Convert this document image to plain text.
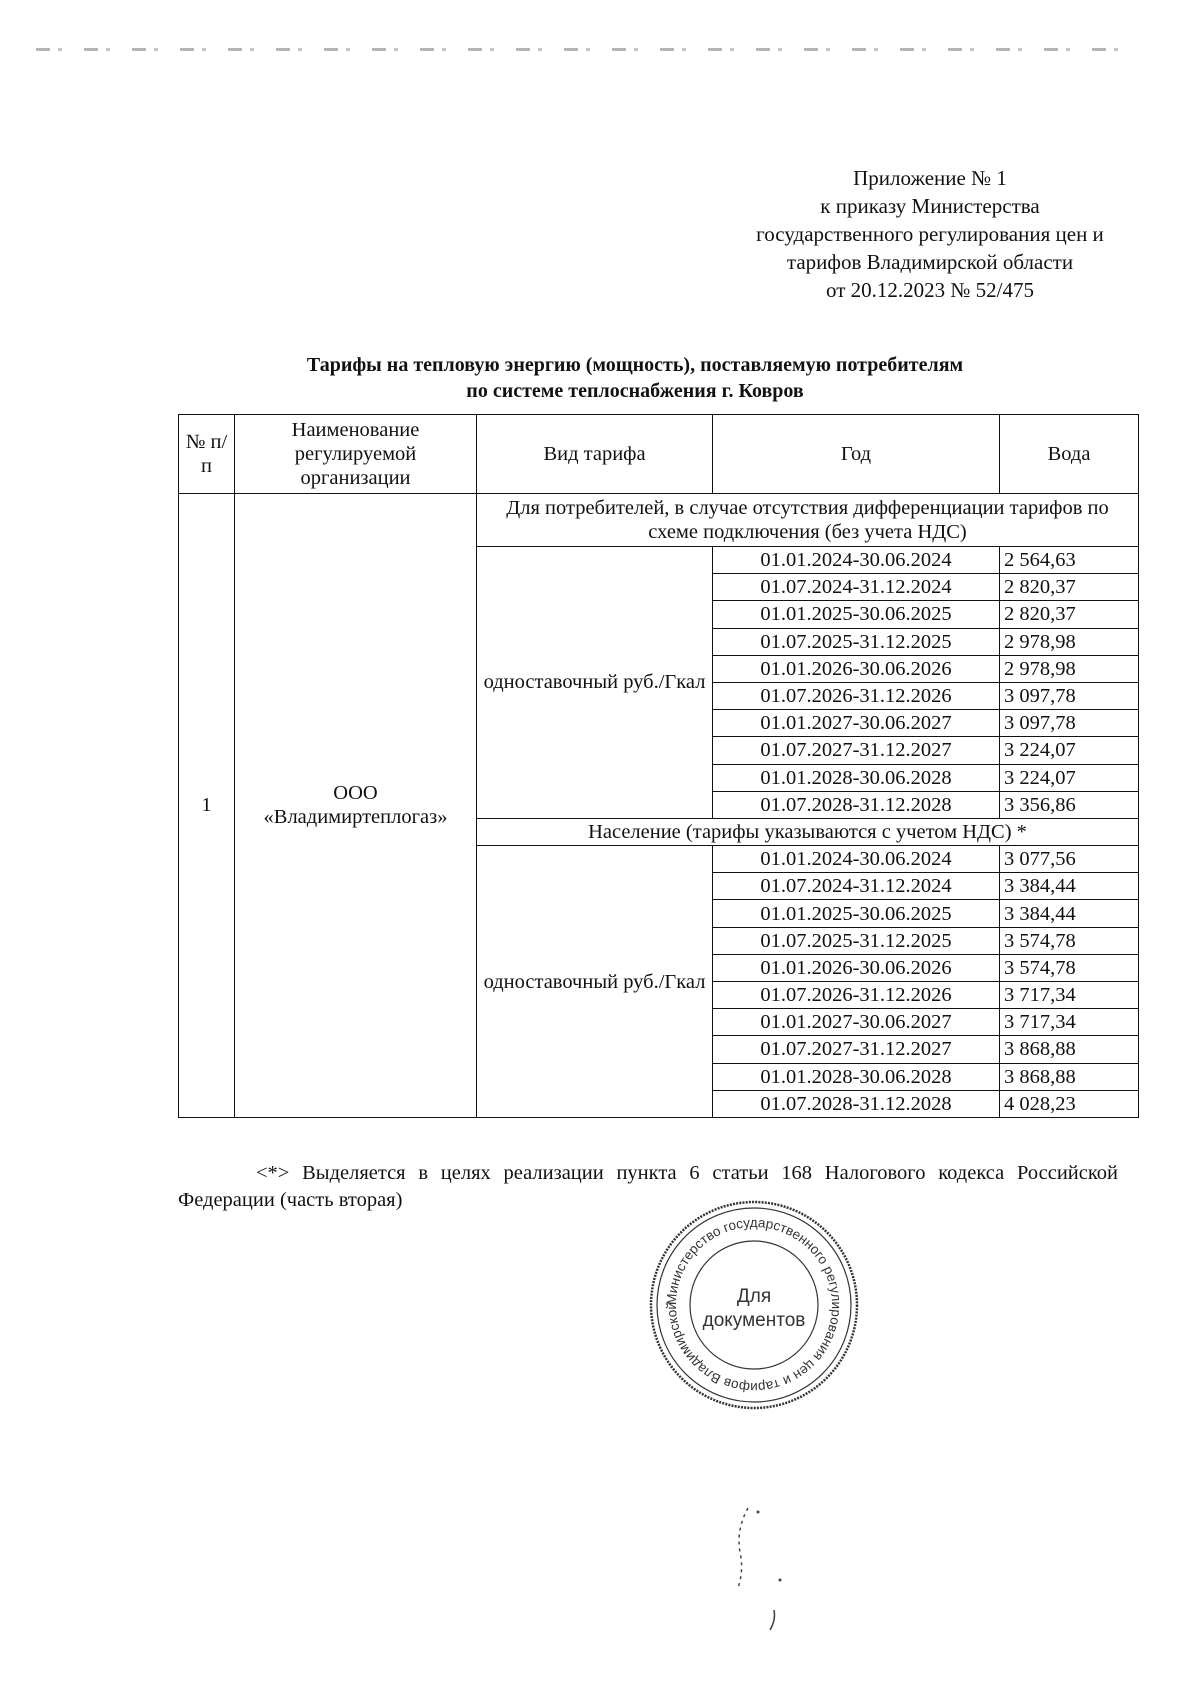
Приложение № 1
к приказу Министерства
государственного регулирования цен и
тарифов Владимирской области
от 20.12.2023 № 52/475
Тарифы на тепловую энергию (мощность), поставляемую потребителям
по системе теплоснабжения г. Ковров
№ п/п	Наименование регулируемой организации	Вид тарифа	Год	Вода
1	ООО «Владимиртеплогаз»	Для потребителей, в случае отсутствия дифференциации тарифов по схеме подключения (без учета НДС)		
		одноставочный руб./Гкал	01.01.2024-30.06.2024	2 564,63
			01.07.2024-31.12.2024	2 820,37
			01.01.2025-30.06.2025	2 820,37
			01.07.2025-31.12.2025	2 978,98
			01.01.2026-30.06.2026	2 978,98
			01.07.2026-31.12.2026	3 097,78
			01.01.2027-30.06.2027	3 097,78
			01.07.2027-31.12.2027	3 224,07
			01.01.2028-30.06.2028	3 224,07
			01.07.2028-31.12.2028	3 356,86
		Население (тарифы указываются с учетом НДС) *		
		одноставочный руб./Гкал	01.01.2024-30.06.2024	3 077,56
			01.07.2024-31.12.2024	3 384,44
			01.01.2025-30.06.2025	3 384,44
			01.07.2025-31.12.2025	3 574,78
			01.01.2026-30.06.2026	3 574,78
			01.07.2026-31.12.2026	3 717,34
			01.01.2027-30.06.2027	3 717,34
			01.07.2027-31.12.2027	3 868,88
			01.01.2028-30.06.2028	3 868,88
			01.07.2028-31.12.2028	4 028,23
<*> Выделяется в целях реализации пункта 6 статьи 168 Налогового кодекса Российской Федерации (часть вторая)
Министерство государственного регулирования цен и тарифов Владимирской	Для
документов
